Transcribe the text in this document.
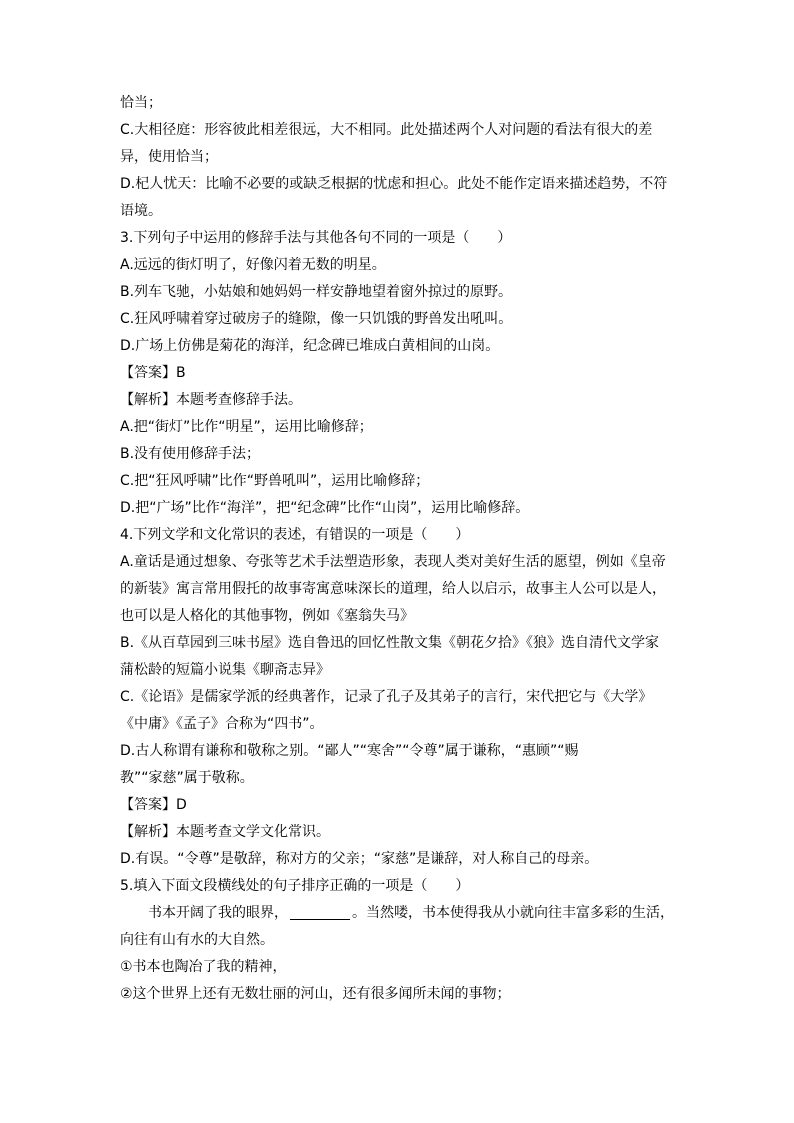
恰当；

C.大相径庭：形容彼此相差很远，大不相同。此处描述两个人对问题的看法有很大的差

异，使用恰当；

D.杞人忧天：比喻不必要的或缺乏根据的忧虑和担心。此处不能作定语来描述趋势，不符

语境。

3.下列句子中运用的修辞手法与其他各句不同的一项是（　　）

A.远远的街灯明了，好像闪着无数的明星。

B.列车飞驰，小姑娘和她妈妈一样安静地望着窗外掠过的原野。

C.狂风呼啸着穿过破房子的缝隙，像一只饥饿的野兽发出吼叫。

D.广场上仿佛是菊花的海洋，纪念碑已堆成白黄相间的山岗。

【答案】B

【解析】本题考查修辞手法。

A.把“街灯”比作“明星”，运用比喻修辞；

B.没有使用修辞手法；

C.把“狂风呼啸”比作“野兽吼叫”，运用比喻修辞；

D.把“广场”比作“海洋”，把“纪念碑”比作“山岗”，运用比喻修辞。

4.下列文学和文化常识的表述，有错误的一项是（　　）

A.童话是通过想象、夸张等艺术手法塑造形象，表现人类对美好生活的愿望，例如《皇帝

的新装》寓言常用假托的故事寄寓意味深长的道理，给人以启示，故事主人公可以是人，

也可以是人格化的其他事物，例如《塞翁失马》

B.《从百草园到三味书屋》选自鲁迅的回忆性散文集《朝花夕拾》《狼》选自清代文学家

蒲松龄的短篇小说集《聊斋志异》

C.《论语》是儒家学派的经典著作，记录了孔子及其弟子的言行，宋代把它与《大学》

《中庸》《孟子》合称为“四书”。

D.古人称谓有谦称和敬称之别。“鄙人”“寒舍”“令尊”属于谦称，“惠顾”“赐

教”“家慈”属于敬称。

【答案】D

【解析】本题考查文学文化常识。

D.有误。“令尊”是敬辞，称对方的父亲；“家慈”是谦辞，对人称自己的母亲。

5.填入下面文段横线处的句子排序正确的一项是（　　）

书本开阔了我的眼界，	。当然喽，书本使得我从小就向往丰富多彩的生活，

向往有山有水的大自然。

①书本也陶冶了我的精神，

②这个世界上还有无数壮丽的河山，还有很多闻所未闻的事物；
